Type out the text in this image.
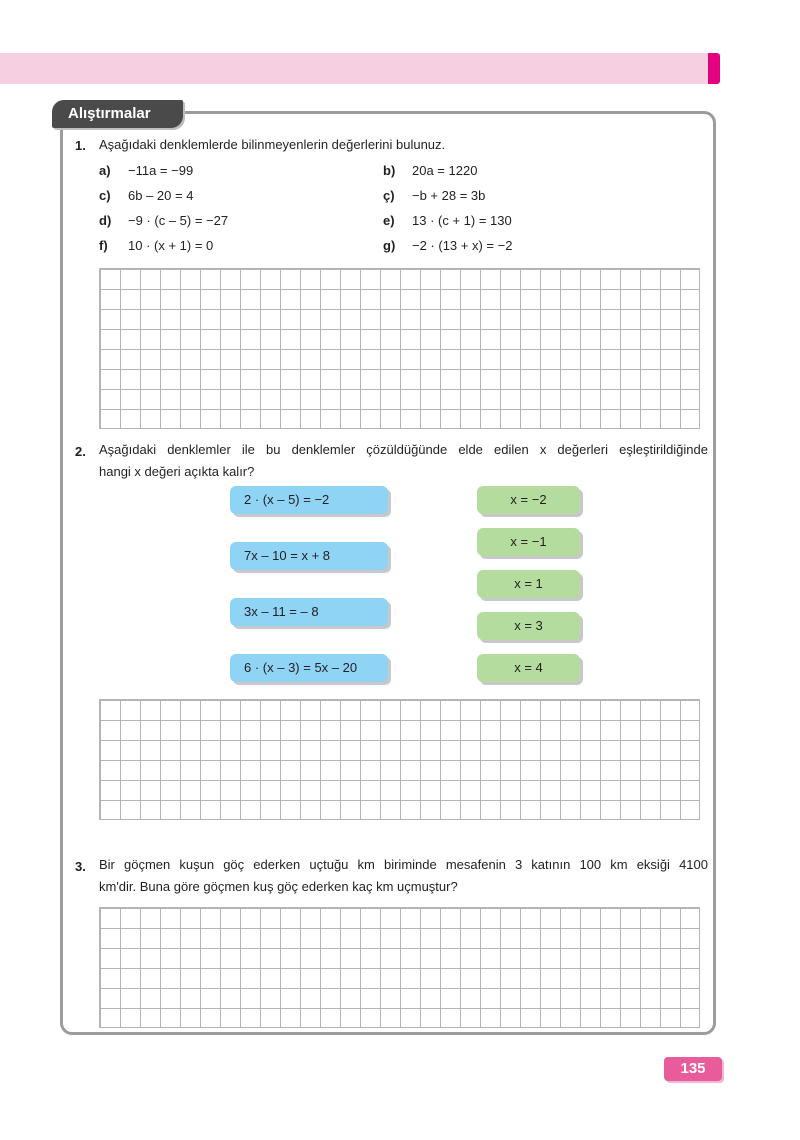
Alıştırmalar
1. Aşağıdaki denklemlerde bilinmeyenlerin değerlerini bulunuz.
a) −11a = −99	b) 20a = 1220
c) 6b – 20 = 4	ç) −b + 28 = 3b
d) −9 · (c – 5) = −27	e) 13 · (c + 1) = 130
f) 10 · (x + 1) = 0	g) −2 · (13 + x) = −2
2. Aşağıdaki denklemler ile bu denklemler çözüldüğünde elde edilen x değerleri eşleştirildiğinde
hangi x değeri açıkta kalır?
2 · (x – 5) = −2
7x – 10 = x + 8
3x – 11 = – 8
6 · (x – 3) = 5x – 20
x = −2
x = −1
x = 1
x = 3
x = 4
3. Bir göçmen kuşun göç ederken uçtuğu km biriminde mesafenin 3 katının 100 km eksiği 4100
km'dir. Buna göre göçmen kuş göç ederken kaç km uçmuştur?
135
